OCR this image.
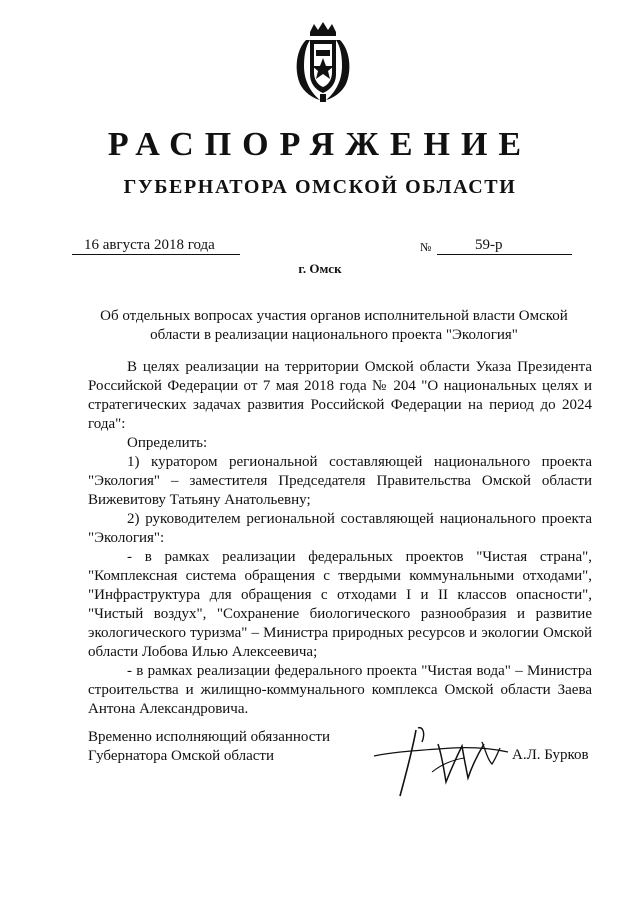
РАСПОРЯЖЕНИЕ
ГУБЕРНАТОРА ОМСКОЙ ОБЛАСТИ
16 августа 2018 года	№	59-р
г. Омск
Об отдельных вопросах участия органов исполнительной власти Омской области в реализации национального проекта "Экология"

В целях реализации на территории Омской области Указа Президента Российской Федерации от 7 мая 2018 года № 204 "О национальных целях и стратегических задачах развития Российской Федерации на период до 2024 года":

Определить:

1) куратором региональной составляющей национального проекта "Экология" – заместителя Председателя Правительства Омской области Вижевитову Татьяну Анатольевну;

2) руководителем региональной составляющей национального проекта "Экология":

- в рамках реализации федеральных проектов "Чистая страна", "Комплексная система обращения с твердыми коммунальными отходами", "Инфраструктура для обращения с отходами I и II классов опасности", "Чистый воздух", "Сохранение биологического разнообразия и развитие экологического туризма" – Министра природных ресурсов и экологии Омской области Лобова Илью Алексеевича;

- в рамках реализации федерального проекта "Чистая вода" – Министра строительства и жилищно-коммунального комплекса Омской области Заева Антона Александровича.

Временно исполняющий обязанности
Губернатора Омской области	А.Л. Бурков
